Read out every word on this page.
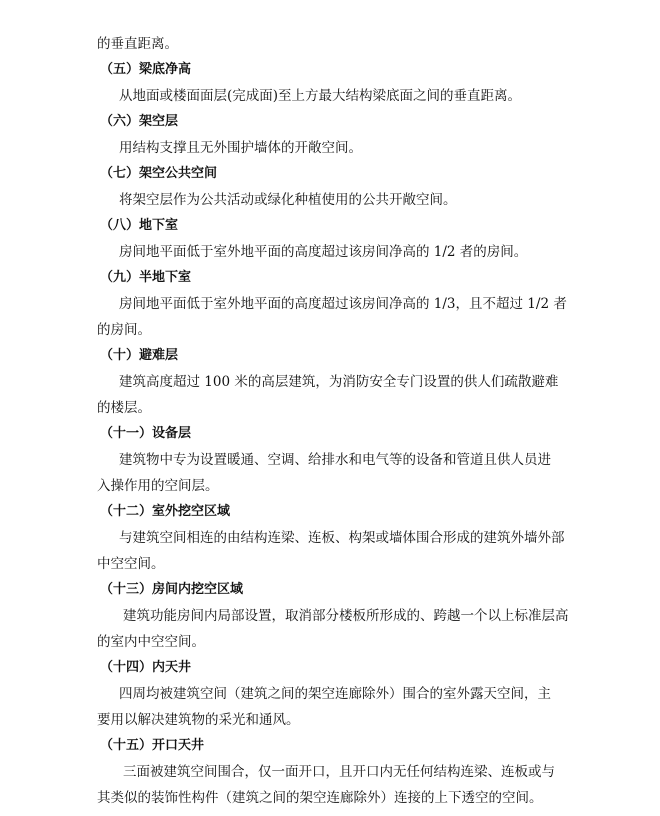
的垂直距离。
（五）梁底净高
从地面或楼面面层(完成面)至上方最大结构梁底面之间的垂直距离。
（六）架空层
用结构支撑且无外围护墙体的开敞空间。
（七）架空公共空间
将架空层作为公共活动或绿化种植使用的公共开敞空间。
（八）地下室
房间地平面低于室外地平面的高度超过该房间净高的 1/2 者的房间。
（九）半地下室
房间地平面低于室外地平面的高度超过该房间净高的 1/3，且不超过 1/2 者
的房间。
（十）避难层
建筑高度超过 100 米的高层建筑，为消防安全专门设置的供人们疏散避难
的楼层。
（十一）设备层
建筑物中专为设置暖通、空调、给排水和电气等的设备和管道且供人员进
入操作用的空间层。
（十二）室外挖空区域
与建筑空间相连的由结构连梁、连板、构架或墙体围合形成的建筑外墙外部
中空空间。
（十三）房间内挖空区域
建筑功能房间内局部设置，取消部分楼板所形成的、跨越一个以上标准层高
的室内中空空间。
（十四）内天井
四周均被建筑空间（建筑之间的架空连廊除外）围合的室外露天空间，主
要用以解决建筑物的采光和通风。
（十五）开口天井
三面被建筑空间围合，仅一面开口，且开口内无任何结构连梁、连板或与
其类似的装饰性构件（建筑之间的架空连廊除外）连接的上下透空的空间。
